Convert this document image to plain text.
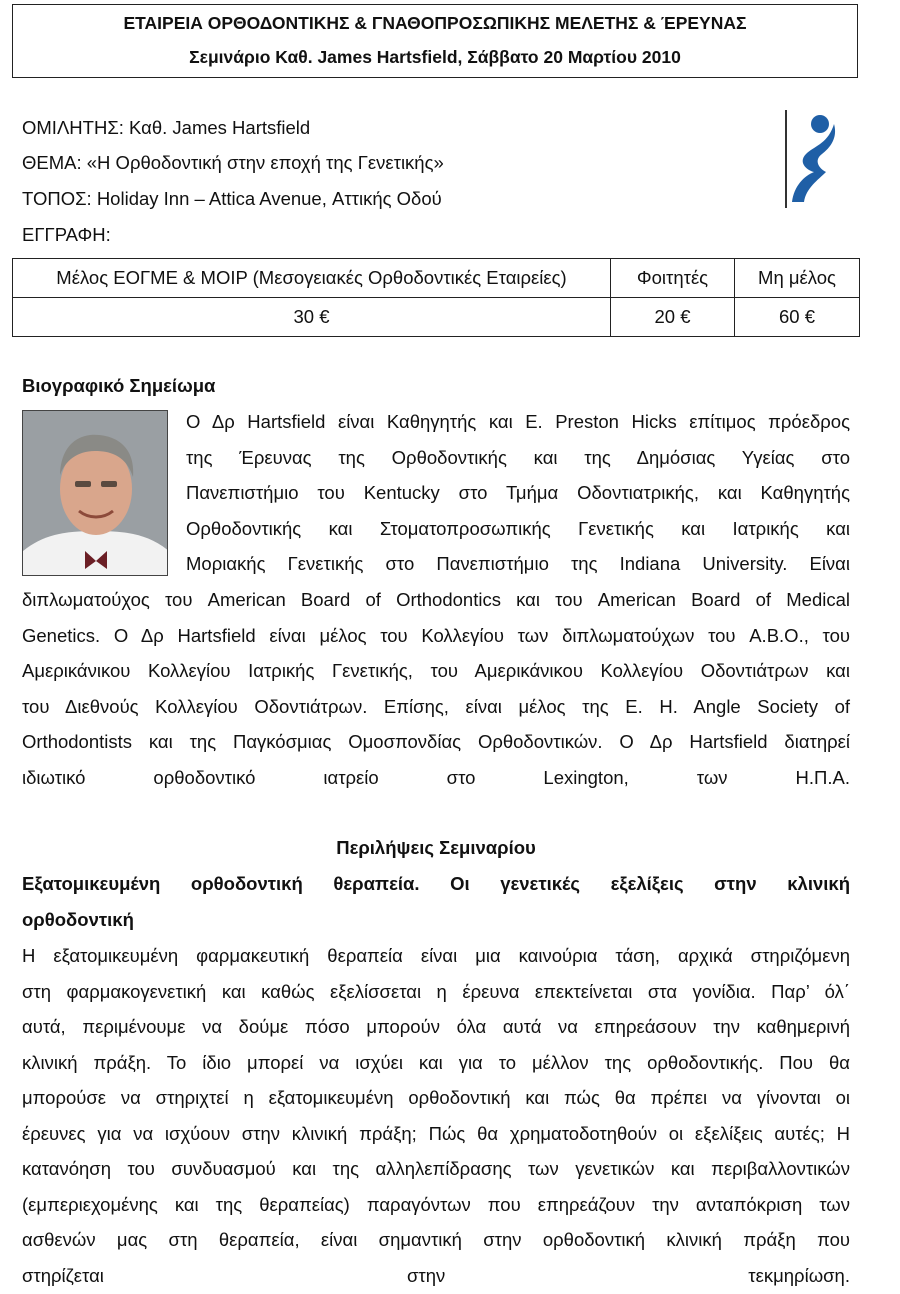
ΕΤΑΙΡΕΙΑ ΟΡΘΟΔΟΝΤΙΚΗΣ & ΓΝΑΘΟΠΡΟΣΩΠΙΚΗΣ ΜΕΛΕΤΗΣ & ΈΡΕΥΝΑΣ
Σεμινάριο Καθ. James Hartsfield, Σάββατο 20 Μαρτίου 2010
ΟΜΙΛΗΤΗΣ: Καθ. James Hartsfield
ΘΕΜΑ: «Η Ορθοδοντική στην εποχή της Γενετικής»
ΤΟΠΟΣ: Holiday Inn – Attica Avenue, Αττικής Οδού
ΕΓΓΡΑΦΗ:
Μέλος ΕΟΓΜΕ & ΜΟΙΡ (Μεσογειακές Ορθοδοντικές Εταιρείες)	Φοιτητές	Μη μέλος
30 €	20 €	60 €
Βιογραφικό Σημείωμα
Ο Δρ Hartsfield είναι Καθηγητής και E. Preston Hicks επίτιμος πρόεδρος
της Έρευνας της Ορθοδοντικής και της Δημόσιας Υγείας στο
Πανεπιστήμιο του Kentucky στο Τμήμα Οδοντιατρικής, και Καθηγητής
Ορθοδοντικής και Στοματοπροσωπικής Γενετικής και Ιατρικής και
Μοριακής Γενετικής στο Πανεπιστήμιο της Indiana University. Είναι
διπλωματούχος του American Board of Orthodontics και του American Board of Medical
Genetics. Ο Δρ Hartsfield είναι μέλος του Κολλεγίου των διπλωματούχων του A.B.O., του
Αμερικάνικου Κολλεγίου Ιατρικής Γενετικής, του Αμερικάνικου Κολλεγίου Οδοντιάτρων και
του Διεθνούς Κολλεγίου Οδοντιάτρων. Επίσης, είναι μέλος της E. H. Angle Society of
Orthodontists και της Παγκόσμιας Ομοσπονδίας Ορθοδοντικών. Ο Δρ Hartsfield διατηρεί
ιδιωτικό ορθοδοντικό ιατρείο στο Lexington, των Η.Π.Α.
Περιλήψεις Σεμιναρίου
Εξατομικευμένη ορθοδοντική θεραπεία. Οι γενετικές εξελίξεις στην κλινική
ορθοδοντική
Η εξατομικευμένη φαρμακευτική θεραπεία είναι μια καινούρια τάση, αρχικά στηριζόμενη
στη φαρμακογενετική και καθώς εξελίσσεται η έρευνα επεκτείνεται στα γονίδια. Παρ’ όλ΄
αυτά, περιμένουμε να δούμε πόσο μπορούν όλα αυτά να επηρεάσουν την καθημερινή
κλινική πράξη. Το ίδιο μπορεί να ισχύει και για το μέλλον της ορθοδοντικής. Που θα
μπορούσε να στηριχτεί η εξατομικευμένη ορθοδοντική και πώς θα πρέπει να γίνονται οι
έρευνες για να ισχύουν στην κλινική πράξη; Πώς θα χρηματοδοτηθούν οι εξελίξεις αυτές; Η
κατανόηση του συνδυασμού και της αλληλεπίδρασης των γενετικών και περιβαλλοντικών
(εμπεριεχομένης και της θεραπείας) παραγόντων που επηρεάζουν την ανταπόκριση των
ασθενών μας στη θεραπεία, είναι σημαντική στην ορθοδοντική κλινική πράξη που
στηρίζεται στην τεκμηρίωση.
